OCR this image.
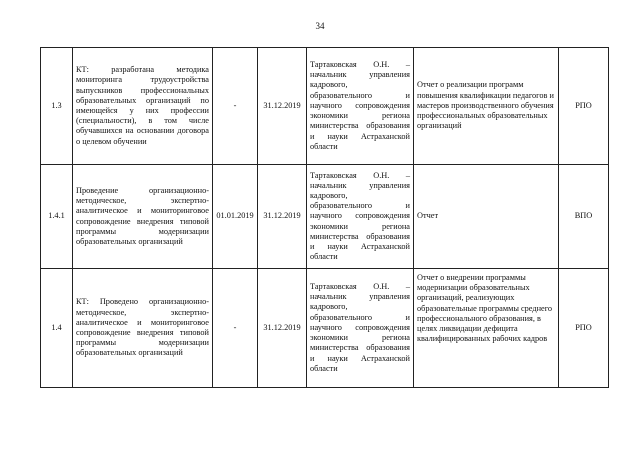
34
1.3	КТ: разработана методика мониторинга трудоустройства выпускников профессиональных образовательных организаций по имеющейся у них профессии (специальности), в том числе обучавшихся на основании договора о целевом обучении	-	31.12.2019	Тартаковская О.Н. – начальник управления кадрового, образовательного и научного сопровождения экономики региона министерства образования и науки Астраханской области	Отчет о реализации программ повышения квалификации педагогов и мастеров производственного обучения профессиональных образовательных организаций	РПО
1.4.1	Проведение организационно-методическое, экспертно-аналитическое и мониторинговое сопровождение внедрения типовой программы модернизации образовательных организаций	01.01.2019	31.12.2019	Тартаковская О.Н. – начальник управления кадрового, образовательного и научного сопровождения экономики региона министерства образования и науки Астраханской области	Отчет	ВПО
1.4	КТ: Проведено организационно-методическое, экспертно-аналитическое и мониторинговое сопровождение внедрения типовой программы модернизации образовательных организаций	-	31.12.2019	Тартаковская О.Н. – начальник управления кадрового, образовательного и научного сопровождения экономики региона министерства образования и науки Астраханской области	Отчет о внедрении программы модернизации образовательных организаций, реализующих образовательные программы среднего профессионального образования, в целях ликвидации дефицита квалифицированных рабочих кадров	РПО
